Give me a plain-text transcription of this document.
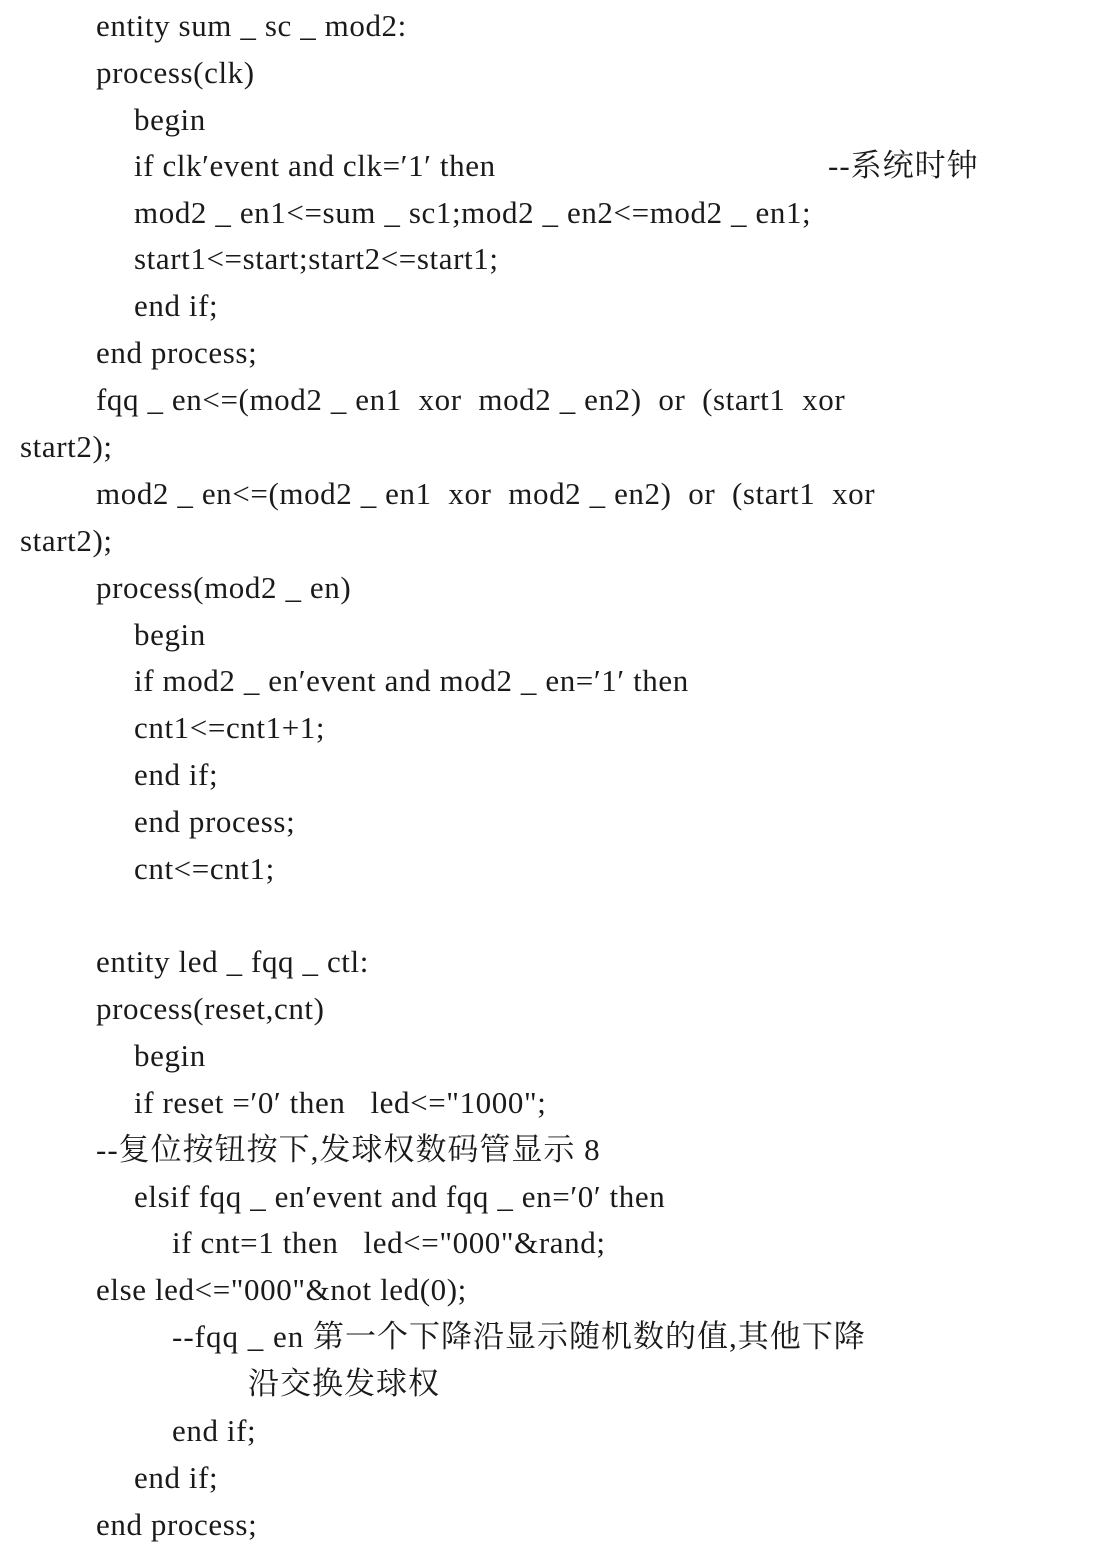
entity sum _ sc _ mod2:
process(clk)
begin
if clk′event and clk=′1′ then	--系统时钟
mod2 _ en1<=sum _ sc1;mod2 _ en2<=mod2 _ en1;
start1<=start;start2<=start1;
end if;
end process;
fqq _ en<=(mod2 _ en1  xor  mod2 _ en2)  or  (start1  xor
start2);
mod2 _ en<=(mod2 _ en1  xor  mod2 _ en2)  or  (start1  xor
start2);
process(mod2 _ en)
begin
if mod2 _ en′event and mod2 _ en=′1′ then
cnt1<=cnt1+1;
end if;
end process;
cnt<=cnt1;
entity led _ fqq _ ctl:
process(reset,cnt)
begin
if reset =′0′ then   led<="1000";
--复位按钮按下,发球权数码管显示 8
elsif fqq _ en′event and fqq _ en=′0′ then
if cnt=1 then   led<="000"&rand;
else led<="000"&not led(0);
--fqq _ en 第一个下降沿显示随机数的值,其他下降
沿交换发球权
end if;
end if;
end process;
